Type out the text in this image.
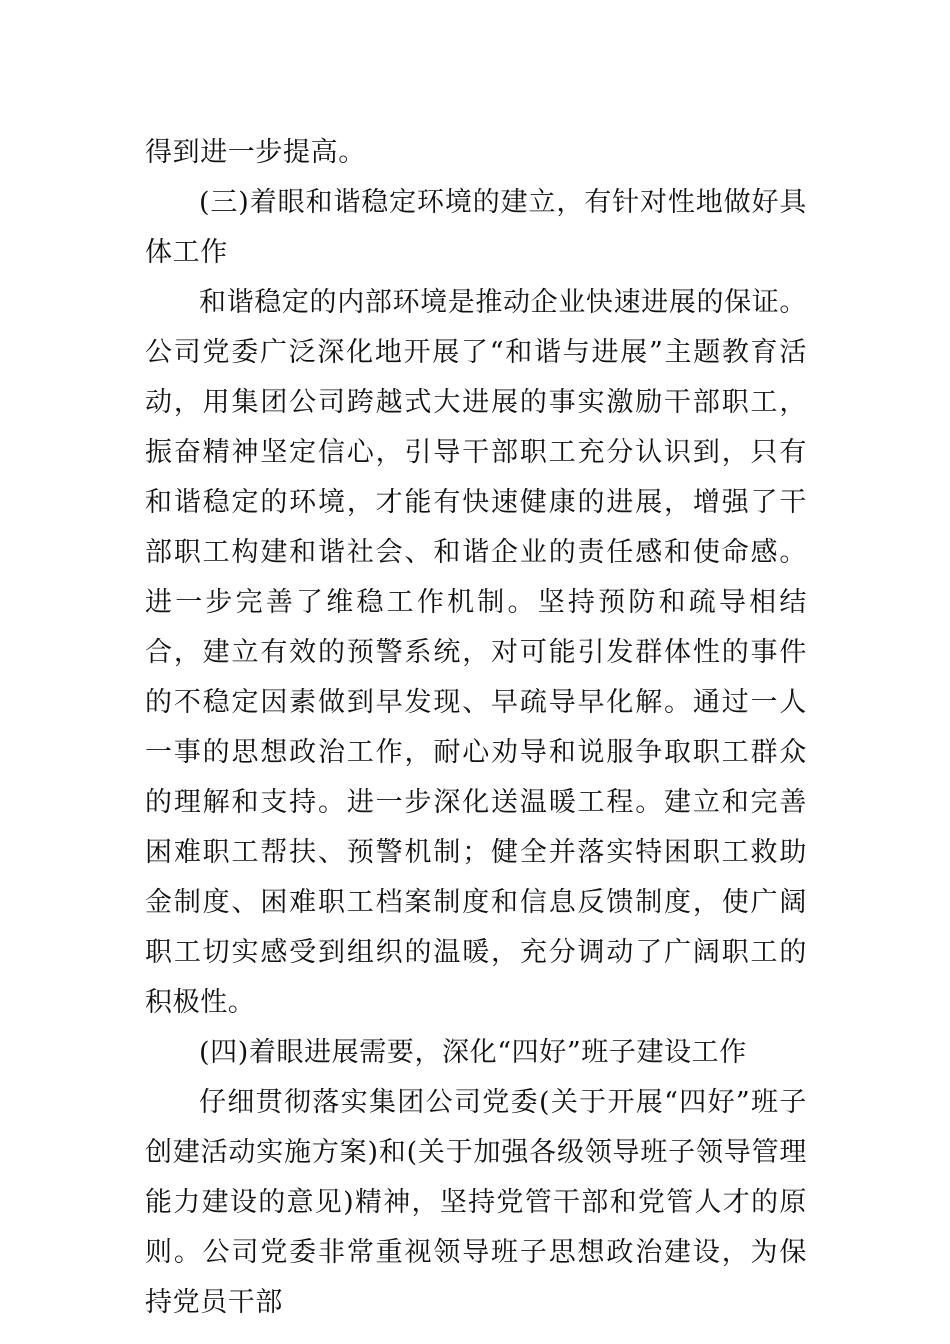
得到进一步提高。

(三)着眼和谐稳定环境的建立，有针对性地做好具体工作

和谐稳定的内部环境是推动企业快速进展的保证。公司党委广泛深化地开展了“和谐与进展”主题教育活动，用集团公司跨越式大进展的事实激励干部职工，振奋精神坚定信心，引导干部职工充分认识到，只有和谐稳定的环境，才能有快速健康的进展，增强了干部职工构建和谐社会、和谐企业的责任感和使命感。进一步完善了维稳工作机制。坚持预防和疏导相结合，建立有效的预警系统，对可能引发群体性的事件的不稳定因素做到早发现、早疏导早化解。通过一人一事的思想政治工作，耐心劝导和说服争取职工群众的理解和支持。进一步深化送温暖工程。建立和完善困难职工帮扶、预警机制；健全并落实特困职工救助金制度、困难职工档案制度和信息反馈制度，使广阔职工切实感受到组织的温暖，充分调动了广阔职工的积极性。

(四)着眼进展需要，深化“四好”班子建设工作

仔细贯彻落实集团公司党委(关于开展“四好”班子创建活动实施方案)和(关于加强各级领导班子领导管理能力建设的意见)精神，坚持党管干部和党管人才的原则。公司党委非常重视领导班子思想政治建设，为保持党员干部
